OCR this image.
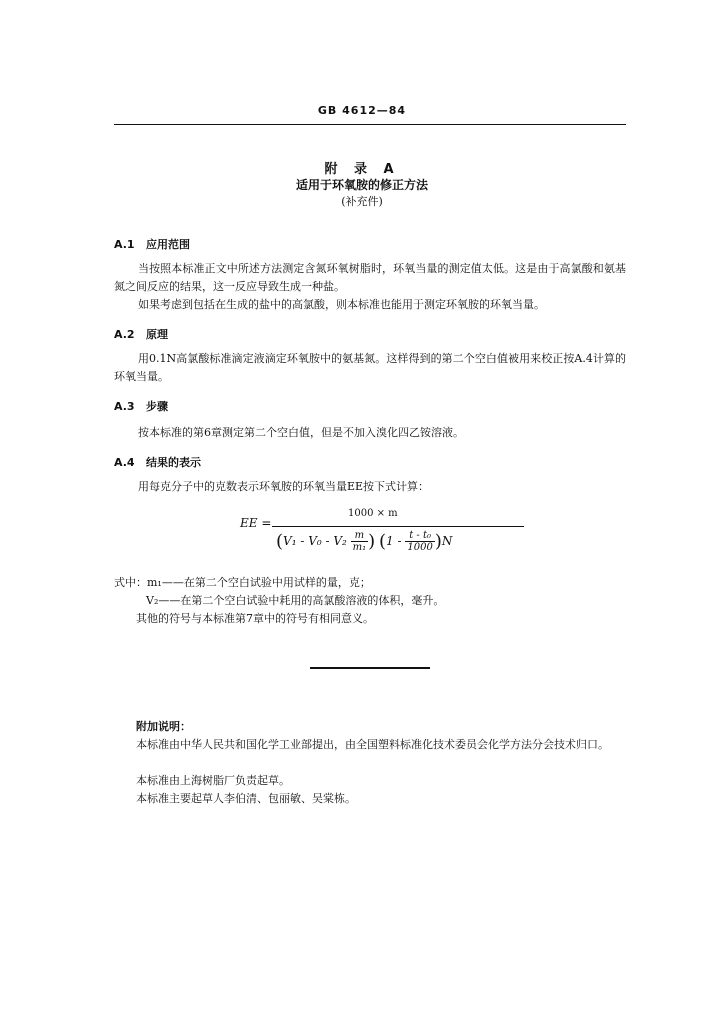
GB 4612—84
附 录 A
适用于环氧胺的修正方法
(补充件)
A.1 应用范围
当按照本标准正文中所述方法测定含氮环氧树脂时，环氧当量的测定值太低。这是由于高氯酸和氨基氮之间反应的结果，这一反应导致生成一种盐。
如果考虑到包括在生成的盐中的高氯酸，则本标准也能用于测定环氧胺的环氧当量。
A.2 原理
用0.1N高氯酸标准滴定液滴定环氧胺中的氨基氮。这样得到的第二个空白值被用来校正按A.4计算的环氧当量。
A.3 步骤
按本标准的第6章测定第二个空白值，但是不加入溴化四乙铵溶液。
A.4 结果的表示
用每克分子中的克数表示环氧胺的环氧当量EE按下式计算：
EE =
1000 × m
($V_1 - V_0 - V_2 \frac{m}{\text{m₁}}$ ) $(1 - \frac{\text{t - t₀}}{1000} )N$
式中：m₁——在第二个空白试验中用试样的量，克；
V₂——在第二个空白试验中耗用的高氯酸溶液的体积，毫升。
其他的符号与本标准第7章中的符号有相同意义。
附加说明：
本标准由中华人民共和国化学工业部提出，由全国塑料标准化技术委员会化学方法分会技术归口。
本标准由上海树脂厂负责起草。
本标准主要起草人李伯清、包丽敏、吴棠栋。
